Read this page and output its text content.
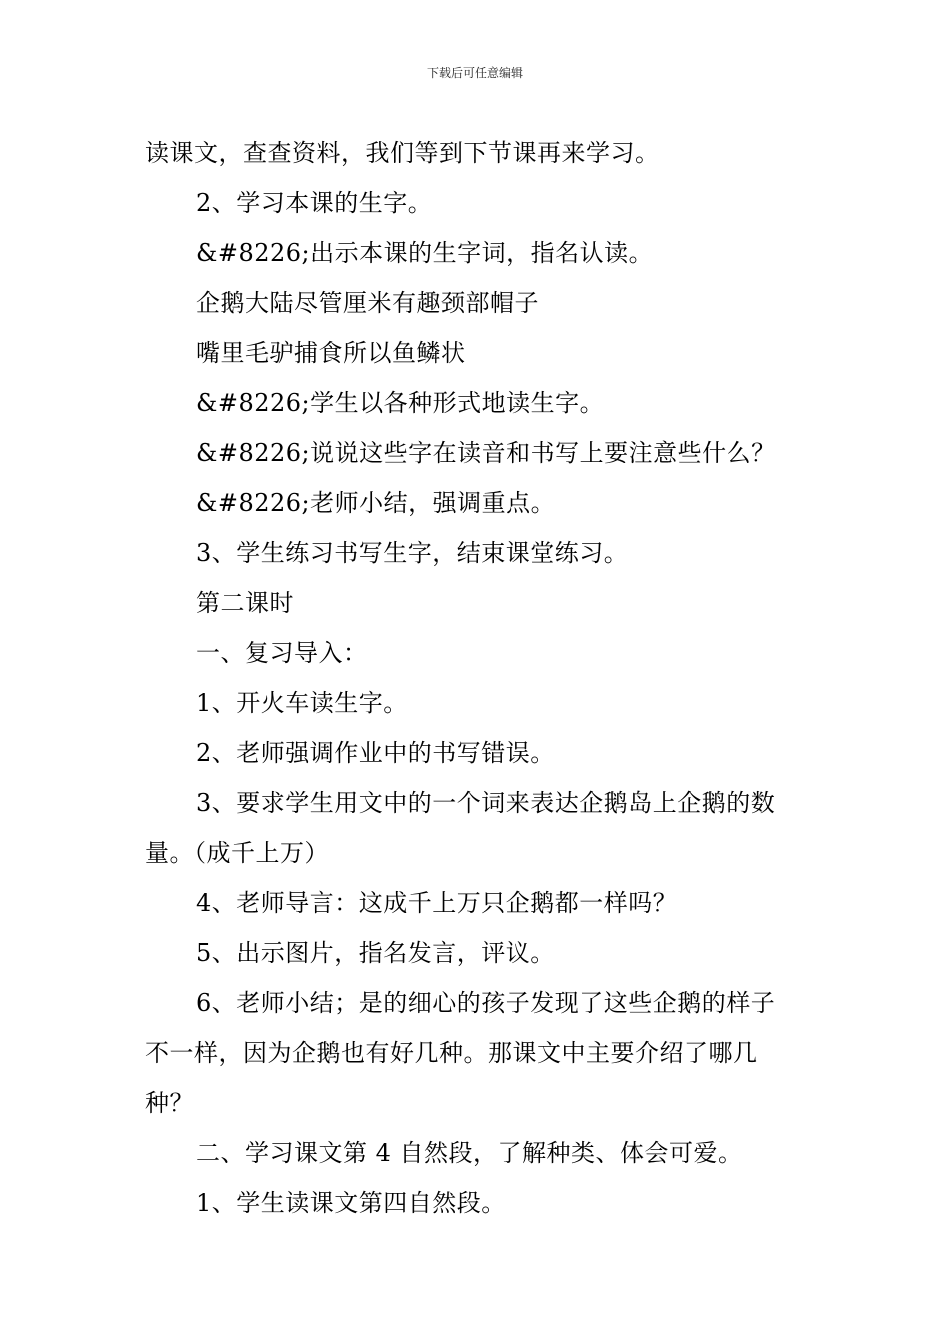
下载后可任意编辑
读课文，查查资料，我们等到下节课再来学习。
2、学习本课的生字。
&#8226;出示本课的生字词，指名认读。
企鹅大陆尽管厘米有趣颈部帽子
嘴里毛驴捕食所以鱼鳞状
&#8226;学生以各种形式地读生字。
&#8226;说说这些字在读音和书写上要注意些什么？
&#8226;老师小结，强调重点。
3、学生练习书写生字，结束课堂练习。
第二课时
一、复习导入：
1、开火车读生字。
2、老师强调作业中的书写错误。
3、要求学生用文中的一个词来表达企鹅岛上企鹅的数
量。（成千上万）
4、老师导言：这成千上万只企鹅都一样吗？
5、出示图片，指名发言，评议。
6、老师小结；是的细心的孩子发现了这些企鹅的样子
不一样，因为企鹅也有好几种。那课文中主要介绍了哪几
种？
二、学习课文第 4 自然段，了解种类、体会可爱。
1、学生读课文第四自然段。
